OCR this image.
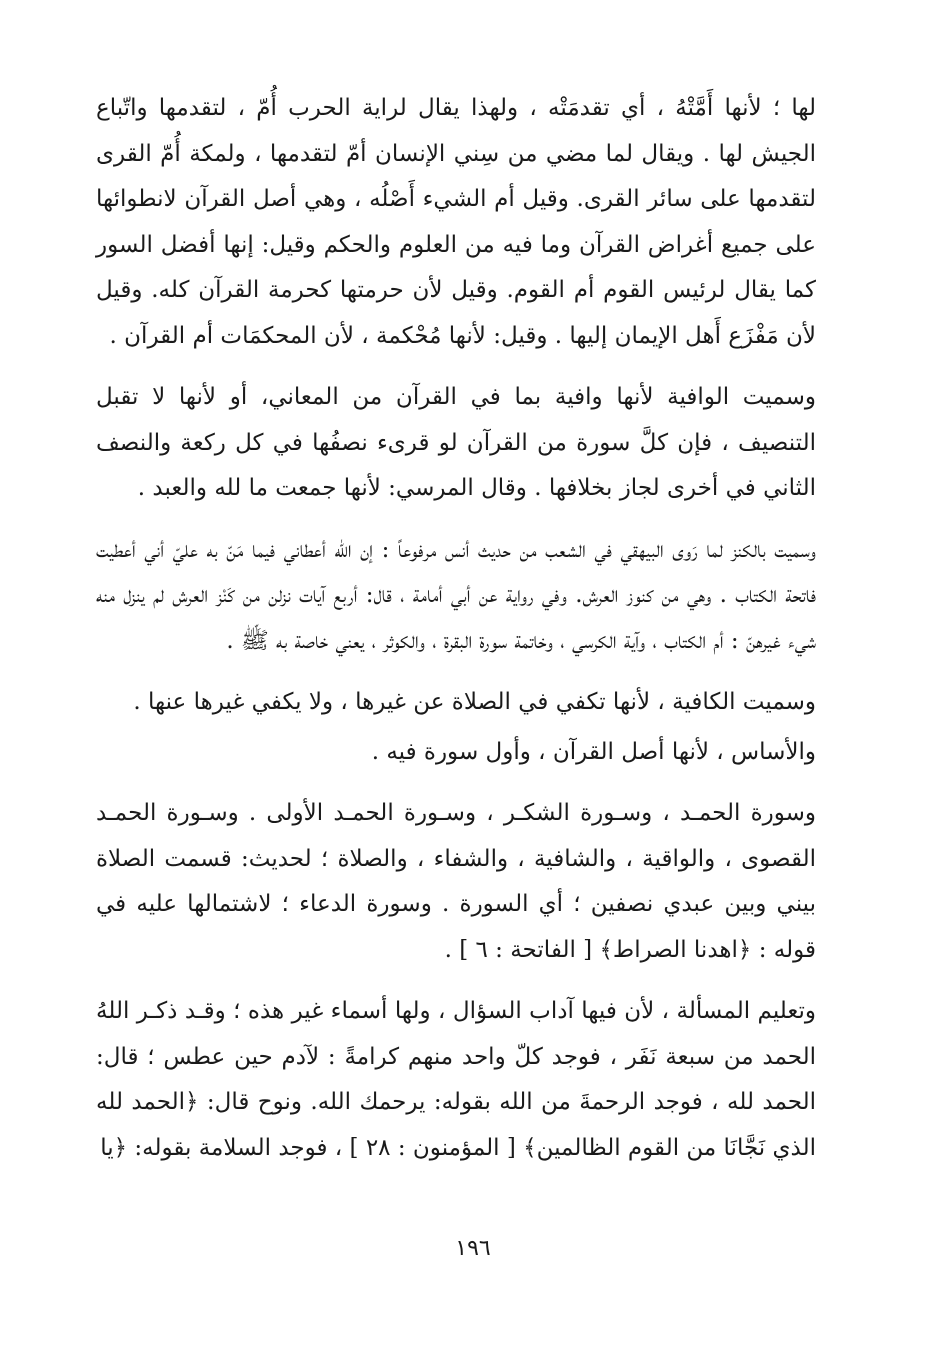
لها ؛ لأنها أَمَّتْهُ ، أي تقدمَتْه ، ولهذا يقال لراية الحرب أُمّ ، لتقدمها واتّباع الجيش لها . ويقال لما مضي من سِني الإنسان أمّ لتقدمها ، ولمكة أُمّ القرى لتقدمها على سائر القرى. وقيل أم الشيء أَصْلُه ، وهي أصل القرآن لانطوائها على جميع أغراض القرآن وما فيه من العلوم والحكم وقيل: إنها أفضل السور كما يقال لرئيس القوم أم القوم. وقيل لأن حرمتها كحرمة القرآن كله. وقيل لأن مَفْزَع أَهل الإيمان إليها . وقيل: لأنها مُحْكمة ، لأن المحكمَات أم القرآن .

وسميت الوافية لأنها وافية بما في القرآن من المعاني، أو لأنها لا تقبل التنصيف ، فإن كلَّ سورة من القرآن لو قرىء نصفُها في كل ركعة والنصف الثاني في أخرى لجاز بخلافها . وقال المرسي: لأنها جمعت ما لله والعبد .

وسميت بالكنز لما رَوى البيهقي في الشعب من حديث أنس مرفوعاً : إن الله أعطاني فيما مَنّ به عليّ أني أعطيت فاتحة الكتاب . وهي من كنوز العرش. وفي رواية عن أبي أمامة ، قال: أربع آيات نزلن من كَنْز العرش لم ينزل منه شيء غيرهنّ : أم الكتاب ، وآية الكرسي ، وخاتمة سورة البقرة ، والكوثر ، يعني خاصة به ﷺ .

وسميت الكافية ، لأنها تكفي في الصلاة عن غيرها ، ولا يكفي غيرها عنها .

والأساس ، لأنها أصل القرآن ، وأول سورة فيه .

وسورة الحمـد ، وسـورة الشكـر ، وسـورة الحمـد الأولى . وسـورة الحمـد القصوى ، والواقية ، والشافية ، والشفاء ، والصلاة ؛ لحديث: قسمت الصلاة بيني وبين عبدي نصفين ؛ أي السورة . وسورة الدعاء ؛ لاشتمالها عليه في قوله : ﴿اهدنا الصراط﴾ [ الفاتحة : ٦ ] .

وتعليم المسألة ، لأن فيها آداب السؤال ، ولها أسماء غير هذه ؛ وقـد ذكـر اللهُ الحمد من سبعة نَفَر ، فوجد كلّ واحد منهم كرامةً : لآدم حين عطس ؛ قال: الحمد لله ، فوجد الرحمةَ من الله بقوله: يرحمك الله. ونوح قال: ﴿الحمد لله الذي نَجَّانَا من القوم الظالمين﴾ [ المؤمنون : ٢٨ ] ، فوجد السلامة بقوله: ﴿يا

١٩٦
